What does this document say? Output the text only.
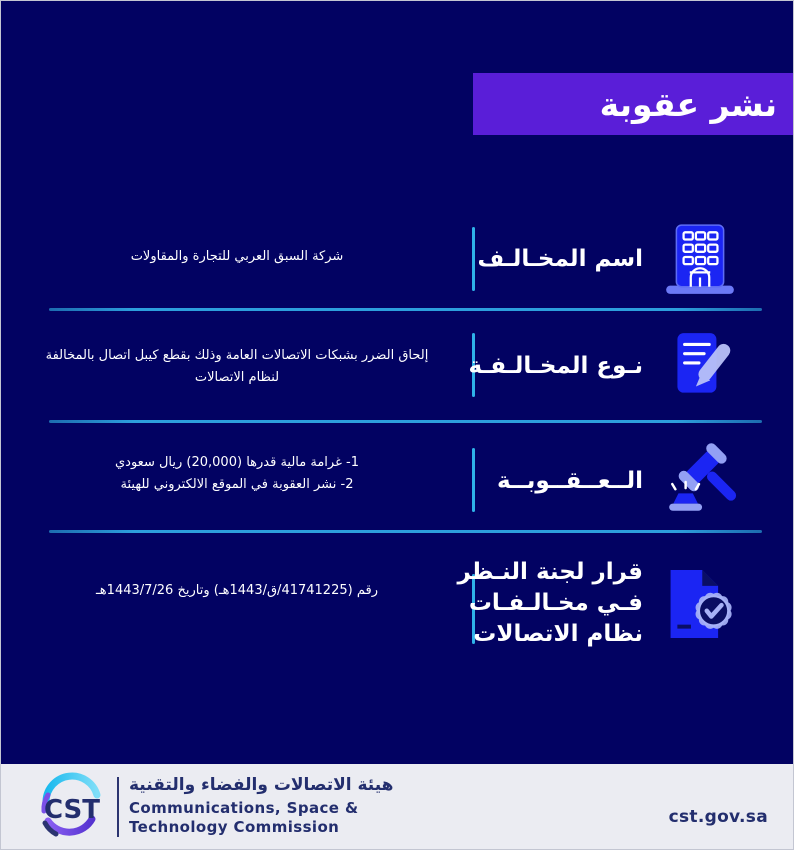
نشر عقوبة
اسم المخـالـف
شركة السبق العربي للتجارة والمقاولات
نـوع المخـالـفـة
إلحاق الضرر بشبكات الاتصالات العامة وذلك بقطع كيبل اتصال بالمخالفة
لنظام الاتصالات
الــعــقــوبــة
1- غرامة مالية قدرها (20,000) ريال سعودي
2- نشر العقوبة في الموقع الالكتروني للهيئة
قرار لجنة النـظر
فـي مخـالـفـات
نظام الاتصالات
رقم (41741225/ق/1443هـ) وتاريخ 1443/7/26هـ
CST
هيئة الاتصالات والفضاء والتقنية
Communications, Space &
Technology Commission	cst.gov.sa
